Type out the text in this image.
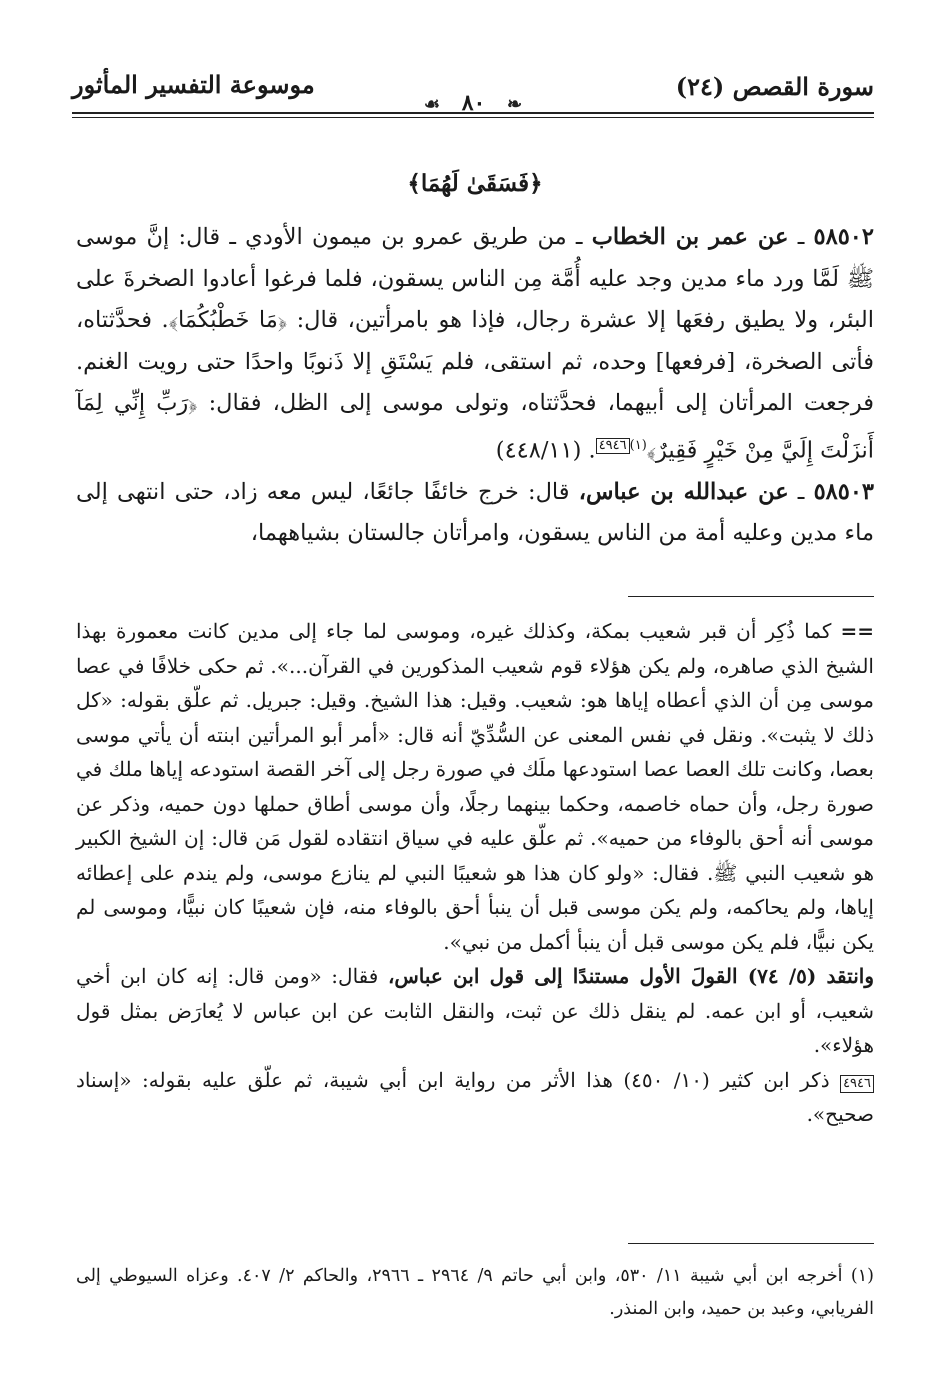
سورة القصص (٢٤)
❧ ٨٠ ☙
موسوعة التفسير المأثور
﴿فَسَقَىٰ لَهُمَا﴾

٥٨٥٠٢ ـ عن عمر بن الخطاب ـ من طريق عمرو بن ميمون الأودي ـ قال: إنَّ موسى ﷺ لَمَّا ورد ماء مدين وجد عليه أُمَّة مِن الناس يسقون، فلما فرغوا أعادوا الصخرةَ على البئر، ولا يطيق رفعَها إلا عشرة رجال، فإذا هو بامرأتين، قال: ﴿مَا خَطْبُكُمَا﴾. فحدَّثتاه، فأتى الصخرة، [فرفعها] وحده، ثم استقى، فلم يَسْتَقِ إلا ذَنوبًا واحدًا حتى رويت الغنم. فرجعت المرأتان إلى أبيهما، فحدَّثتاه، وتولى موسى إلى الظل، فقال: ﴿رَبِّ إِنِّي لِمَآ أَنزَلْتَ إِلَيَّ مِنْ خَيْرٍ فَقِيرٌ﴾$^{(١)}$٤٩٤٦. (٤٤٨/١١)

٥٨٥٠٣ ـ عن عبدالله بن عباس، قال: خرج خائفًا جائعًا، ليس معه زاد، حتى انتهى إلى ماء مدين وعليه أمة من الناس يسقون، وامرأتان جالستان بشياههما،

== كما ذُكِر أن قبر شعيب بمكة، وكذلك غيره، وموسى لما جاء إلى مدين كانت معمورة بهذا الشيخ الذي صاهره، ولم يكن هؤلاء قوم شعيب المذكورين في القرآن...». ثم حكى خلافًا في عصا موسى مِن أن الذي أعطاه إياها هو: شعيب. وقيل: هذا الشيخ. وقيل: جبريل. ثم علّق بقوله: «كل ذلك لا يثبت». ونقل في نفس المعنى عن السُّدِّيّ أنه قال: «أمر أبو المرأتين ابنته أن يأتي موسى بعصا، وكانت تلك العصا عصا استودعها ملَك في صورة رجل إلى آخر القصة استودعه إياها ملك في صورة رجل، وأن حماه خاصمه، وحكما بينهما رجلًا، وأن موسى أطاق حملها دون حميه، وذكر عن موسى أنه أحق بالوفاء من حميه». ثم علّق عليه في سياق انتقاده لقول مَن قال: إن الشيخ الكبير هو شعيب النبي ﷺ. فقال: «ولو كان هذا هو شعيبًا النبي لم ينازع موسى، ولم يندم على إعطائه إياها، ولم يحاكمه، ولم يكن موسى قبل أن ينبأ أحق بالوفاء منه، فإن شعيبًا كان نبيًّا، وموسى لم يكن نبيًّا، فلم يكن موسى قبل أن ينبأ أكمل من نبي».

وانتقد (٥/ ٧٤) القولَ الأول مستندًا إلى قول ابن عباس، فقال: «ومن قال: إنه كان ابن أخي شعيب، أو ابن عمه. لم ينقل ذلك عن ثبت، والنقل الثابت عن ابن عباس لا يُعارَض بمثل قول هؤلاء».

٤٩٤٦ ذكر ابن كثير (١٠/ ٤٥٠) هذا الأثر من رواية ابن أبي شيبة، ثم علّق عليه بقوله: «إسناد صحيح».

(١) أخرجه ابن أبي شيبة ١١/ ٥٣٠، وابن أبي حاتم ٩/ ٢٩٦٤ ـ ٢٩٦٦، والحاكم ٢/ ٤٠٧. وعزاه السيوطي إلى الفريابي، وعبد بن حميد، وابن المنذر.
